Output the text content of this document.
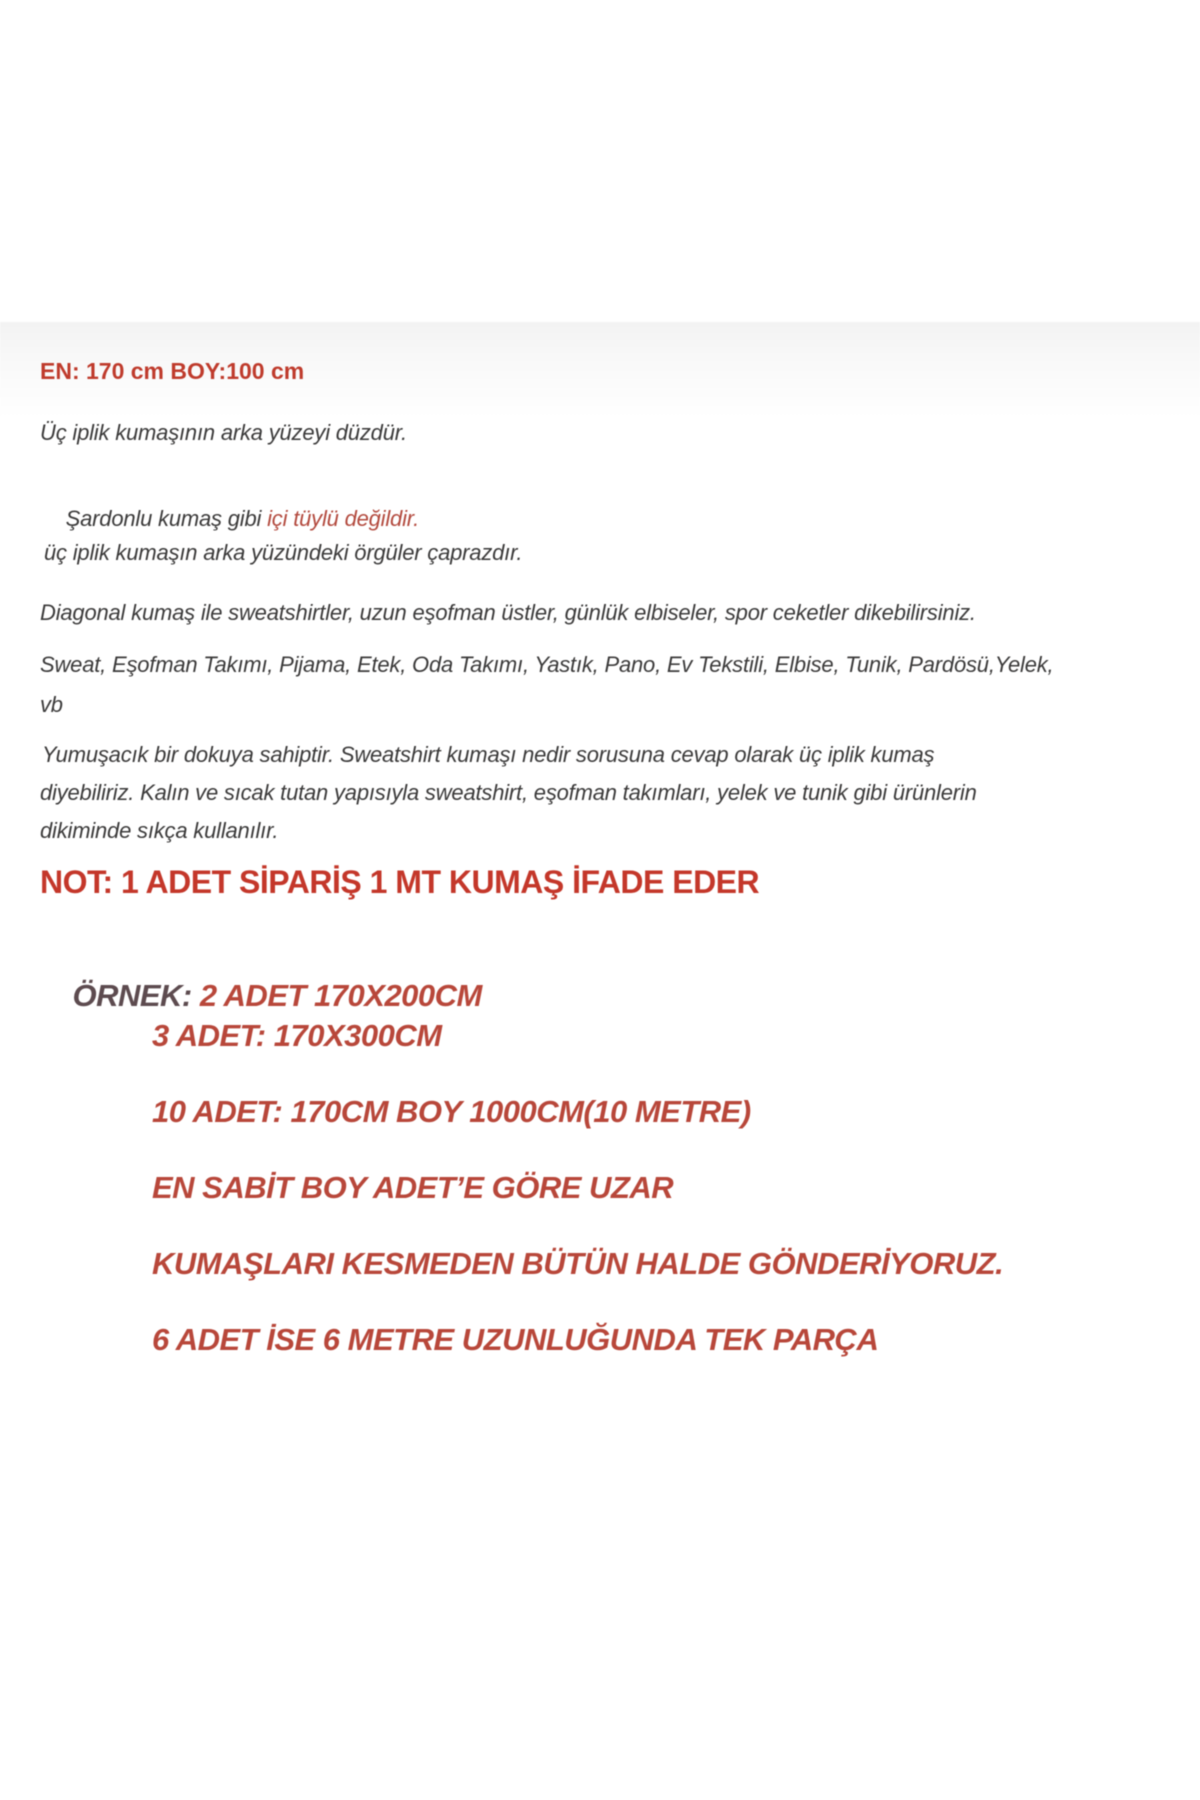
EN: 170 cm BOY:100 cm
Üç iplik kumaşının arka yüzeyi düzdür.

Şardonlu kumaş gibi içi tüylü değildir.

üç iplik kumaşın arka yüzündeki örgüler çaprazdır.
Diagonal kumaş ile sweatshirtler, uzun eşofman üstler, günlük elbiseler, spor ceketler dikebilirsiniz.
Sweat, Eşofman Takımı, Pijama, Etek, Oda Takımı, Yastık, Pano, Ev Tekstili, Elbise, Tunik, Pardösü,Yelek,
vb
Yumuşacık bir dokuya sahiptir. Sweatshirt kumaşı nedir sorusuna cevap olarak üç iplik kumaş
diyebiliriz. Kalın ve sıcak tutan yapısıyla sweatshirt, eşofman takımları, yelek ve tunik gibi ürünlerin
dikiminde sıkça kullanılır.
NOT: 1 ADET SİPARİŞ 1 MT KUMAŞ İFADE EDER

ÖRNEK: 2 ADET 170X200CM

3 ADET: 170X300CM
10 ADET: 170CM BOY 1000CM(10 METRE)
EN SABİT BOY ADET’E GÖRE UZAR
KUMAŞLARI KESMEDEN BÜTÜN HALDE GÖNDERİYORUZ.
6 ADET İSE 6 METRE UZUNLUĞUNDA TEK PARÇA
